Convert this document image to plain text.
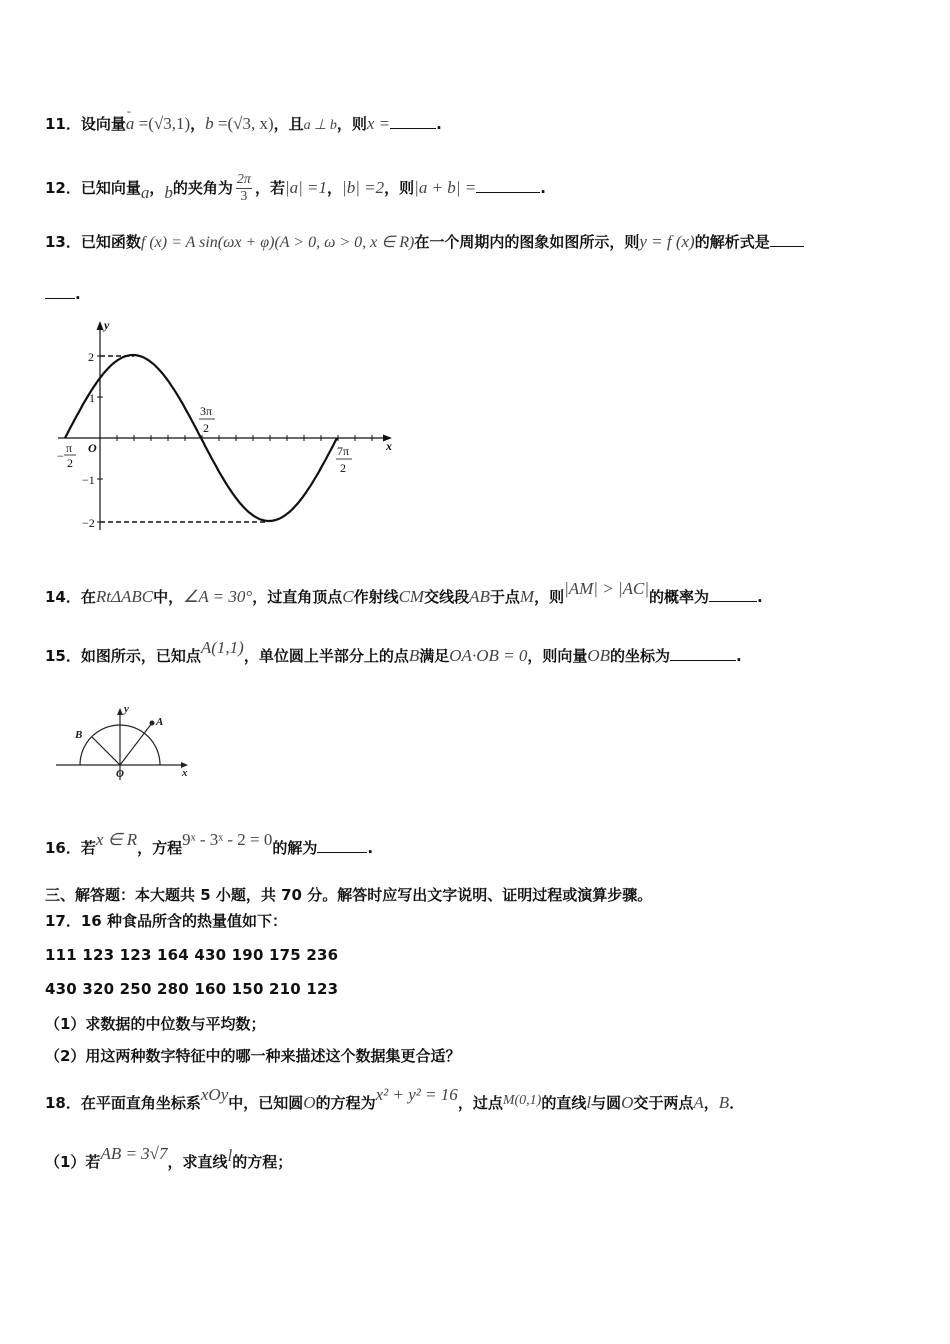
11．设向量
-
a =(√3,1)，b =(√3, x)，且a ⊥ b，则x =	.
12．已知向量a，b的夹角为 $\frac{2\pi}{3}$ ，若|a| =1，|b| =2，则|a + b| =	.
13．已知函数f (x) = A sin(ωx + φ)(A > 0, ω > 0, x ∈ R)在一个周期内的图象如图所示，则y = f (x)的解析式是
.
y
x
O
2
1
−1
−2
−
π
2
3π
2
7π
2
14．在RtΔABC中，∠A = 30°，过直角顶点C作射线CM交线段AB于点M，则|AM| > |AC|的概率为	.
15．如图所示，已知点A(1,1)，单位圆上半部分上的点B满足OA·OB = 0，则向量OB的坐标为	.
y
x
O
A
B
16．若x ∈ R，方程9ˣ - 3ˣ - 2 = 0的解为	.
三、解答题：本大题共 5 小题，共 70 分。解答时应写出文字说明、证明过程或演算步骤。
17．16 种食品所含的热量值如下：
111 123 123 164 430 190 175 236
430 320 250 280 160 150 210 123
（1）求数据的中位数与平均数；
（2）用这两种数字特征中的哪一种来描述这个数据集更合适？
18．在平面直角坐标系xOy中，已知圆O的方程为x² + y² = 16，过点M(0,1)的直线l与圆O交于两点A，B．
（1）若AB = 3√7，求直线l的方程；
